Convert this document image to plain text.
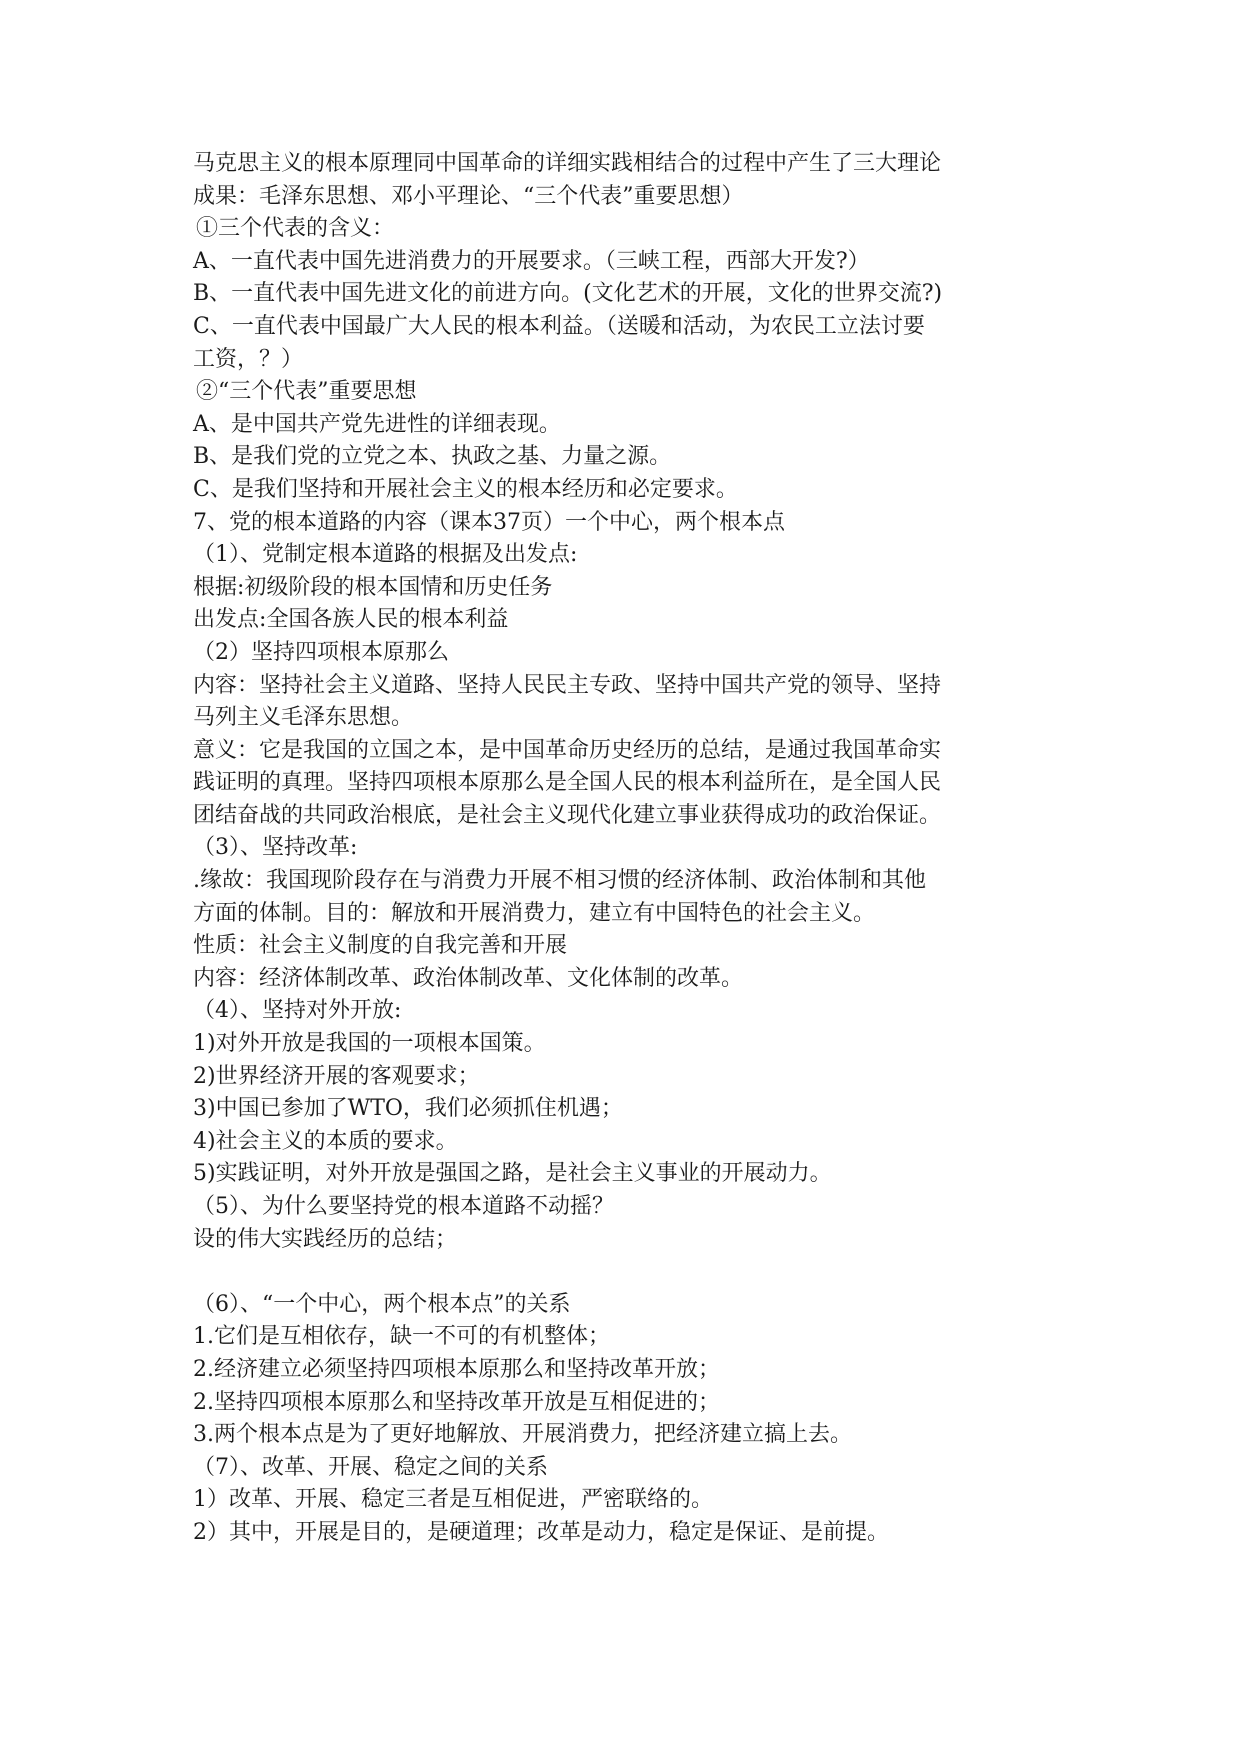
马克思主义的根本原理同中国革命的详细实践相结合的过程中产生了三大理论
成果：毛泽东思想、邓小平理论、“三个代表”重要思想）
①三个代表的含义：
A、一直代表中国先进消费力的开展要求。（三峡工程，西部大开发?）
B、一直代表中国先进文化的前进方向。(文化艺术的开展，文化的世界交流?)
C、一直代表中国最广大人民的根本利益。（送暖和活动，为农民工立法讨要
工资，？）
②“三个代表”重要思想
A、是中国共产党先进性的详细表现。
B、是我们党的立党之本、执政之基、力量之源。
C、是我们坚持和开展社会主义的根本经历和必定要求。
7、党的根本道路的内容（课本37页）一个中心，两个根本点
（1）、党制定根本道路的根据及出发点:
根据:初级阶段的根本国情和历史任务
出发点:全国各族人民的根本利益
（2）坚持四项根本原那么
内容：坚持社会主义道路、坚持人民民主专政、坚持中国共产党的领导、坚持
马列主义毛泽东思想。
意义：它是我国的立国之本，是中国革命历史经历的总结，是通过我国革命实
践证明的真理。坚持四项根本原那么是全国人民的根本利益所在，是全国人民
团结奋战的共同政治根底，是社会主义现代化建立事业获得成功的政治保证。
（3）、坚持改革:
.缘故：我国现阶段存在与消费力开展不相习惯的经济体制、政治体制和其他
方面的体制。目的：解放和开展消费力，建立有中国特色的社会主义。
性质：社会主义制度的自我完善和开展
内容：经济体制改革、政治体制改革、文化体制的改革。
（4）、坚持对外开放:
1)对外开放是我国的一项根本国策。
2)世界经济开展的客观要求；
3)中国已参加了WTO，我们必须抓住机遇；
4)社会主义的本质的要求。
5)实践证明，对外开放是强国之路，是社会主义事业的开展动力。
（5）、为什么要坚持党的根本道路不动摇？
设的伟大实践经历的总结；
（6）、“一个中心，两个根本点”的关系
1.它们是互相依存，缺一不可的有机整体；
2.经济建立必须坚持四项根本原那么和坚持改革开放；
2.坚持四项根本原那么和坚持改革开放是互相促进的；
3.两个根本点是为了更好地解放、开展消费力，把经济建立搞上去。
（7）、改革、开展、稳定之间的关系
1）改革、开展、稳定三者是互相促进，严密联络的。
2）其中，开展是目的，是硬道理；改革是动力，稳定是保证、是前提。
